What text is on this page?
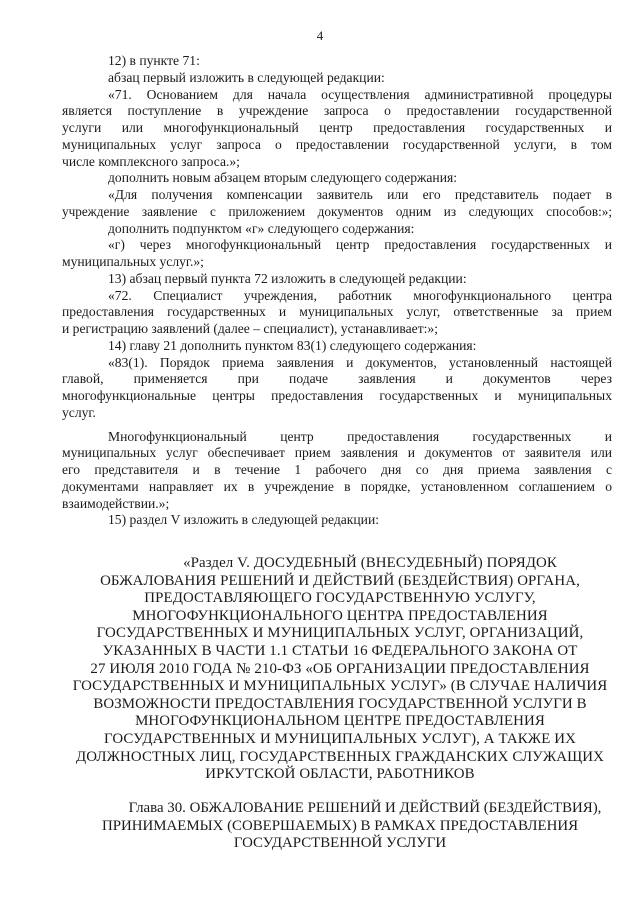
4

12) в пункте 71:

абзац первый изложить в следующей редакции:

«71. Основанием для начала осуществления административной процедуры
является поступление в учреждение запроса о предоставлении государственной
услуги или многофункциональный центр предоставления государственных и
муниципальных услуг запроса о предоставлении государственной услуги, в том
числе комплексного запроса.»;

дополнить новым абзацем вторым следующего содержания:

«Для получения компенсации заявитель или его представитель подает в
учреждение заявление с приложением документов одним из следующих способов:»;

дополнить подпунктом «г» следующего содержания:

«г) через многофункциональный центр предоставления государственных и
муниципальных услуг.»;

13) абзац первый пункта 72 изложить в следующей редакции:

«72. Специалист учреждения, работник многофункционального центра
предоставления государственных и муниципальных услуг, ответственные за прием
и регистрацию заявлений (далее – специалист), устанавливает:»;

14) главу 21 дополнить пунктом 83(1) следующего содержания:

«83(1). Порядок приема заявления и документов, установленный настоящей
главой, применяется при подаче заявления и документов через
многофункциональные центры предоставления государственных и муниципальных
услуг.

Многофункциональный центр предоставления государственных и
муниципальных услуг обеспечивает прием заявления и документов от заявителя или
его представителя и в течение 1 рабочего дня со дня приема заявления с
документами направляет их в учреждение в порядке, установленном соглашением о
взаимодействии.»;

15) раздел V изложить в следующей редакции:

«Раздел V. ДОСУДЕБНЫЙ (ВНЕСУДЕБНЫЙ) ПОРЯДОК
ОБЖАЛОВАНИЯ РЕШЕНИЙ И ДЕЙСТВИЙ (БЕЗДЕЙСТВИЯ) ОРГАНА,
ПРЕДОСТАВЛЯЮЩЕГО ГОСУДАРСТВЕННУЮ УСЛУГУ,
МНОГОФУНКЦИОНАЛЬНОГО ЦЕНТРА ПРЕДОСТАВЛЕНИЯ
ГОСУДАРСТВЕННЫХ И МУНИЦИПАЛЬНЫХ УСЛУГ, ОРГАНИЗАЦИЙ,
УКАЗАННЫХ В ЧАСТИ 1.1 СТАТЬИ 16 ФЕДЕРАЛЬНОГО ЗАКОНА ОТ
27 ИЮЛЯ 2010 ГОДА № 210-ФЗ «ОБ ОРГАНИЗАЦИИ ПРЕДОСТАВЛЕНИЯ
ГОСУДАРСТВЕННЫХ И МУНИЦИПАЛЬНЫХ УСЛУГ» (В СЛУЧАЕ НАЛИЧИЯ
ВОЗМОЖНОСТИ ПРЕДОСТАВЛЕНИЯ ГОСУДАРСТВЕННОЙ УСЛУГИ В
МНОГОФУНКЦИОНАЛЬНОМ ЦЕНТРЕ ПРЕДОСТАВЛЕНИЯ
ГОСУДАРСТВЕННЫХ И МУНИЦИПАЛЬНЫХ УСЛУГ), А ТАКЖЕ ИХ
ДОЛЖНОСТНЫХ ЛИЦ, ГОСУДАРСТВЕННЫХ ГРАЖДАНСКИХ СЛУЖАЩИХ
ИРКУТСКОЙ ОБЛАСТИ, РАБОТНИКОВ
Глава 30. ОБЖАЛОВАНИЕ РЕШЕНИЙ И ДЕЙСТВИЙ (БЕЗДЕЙСТВИЯ),
ПРИНИМАЕМЫХ (СОВЕРШАЕМЫХ) В РАМКАХ ПРЕДОСТАВЛЕНИЯ
ГОСУДАРСТВЕННОЙ УСЛУГИ
